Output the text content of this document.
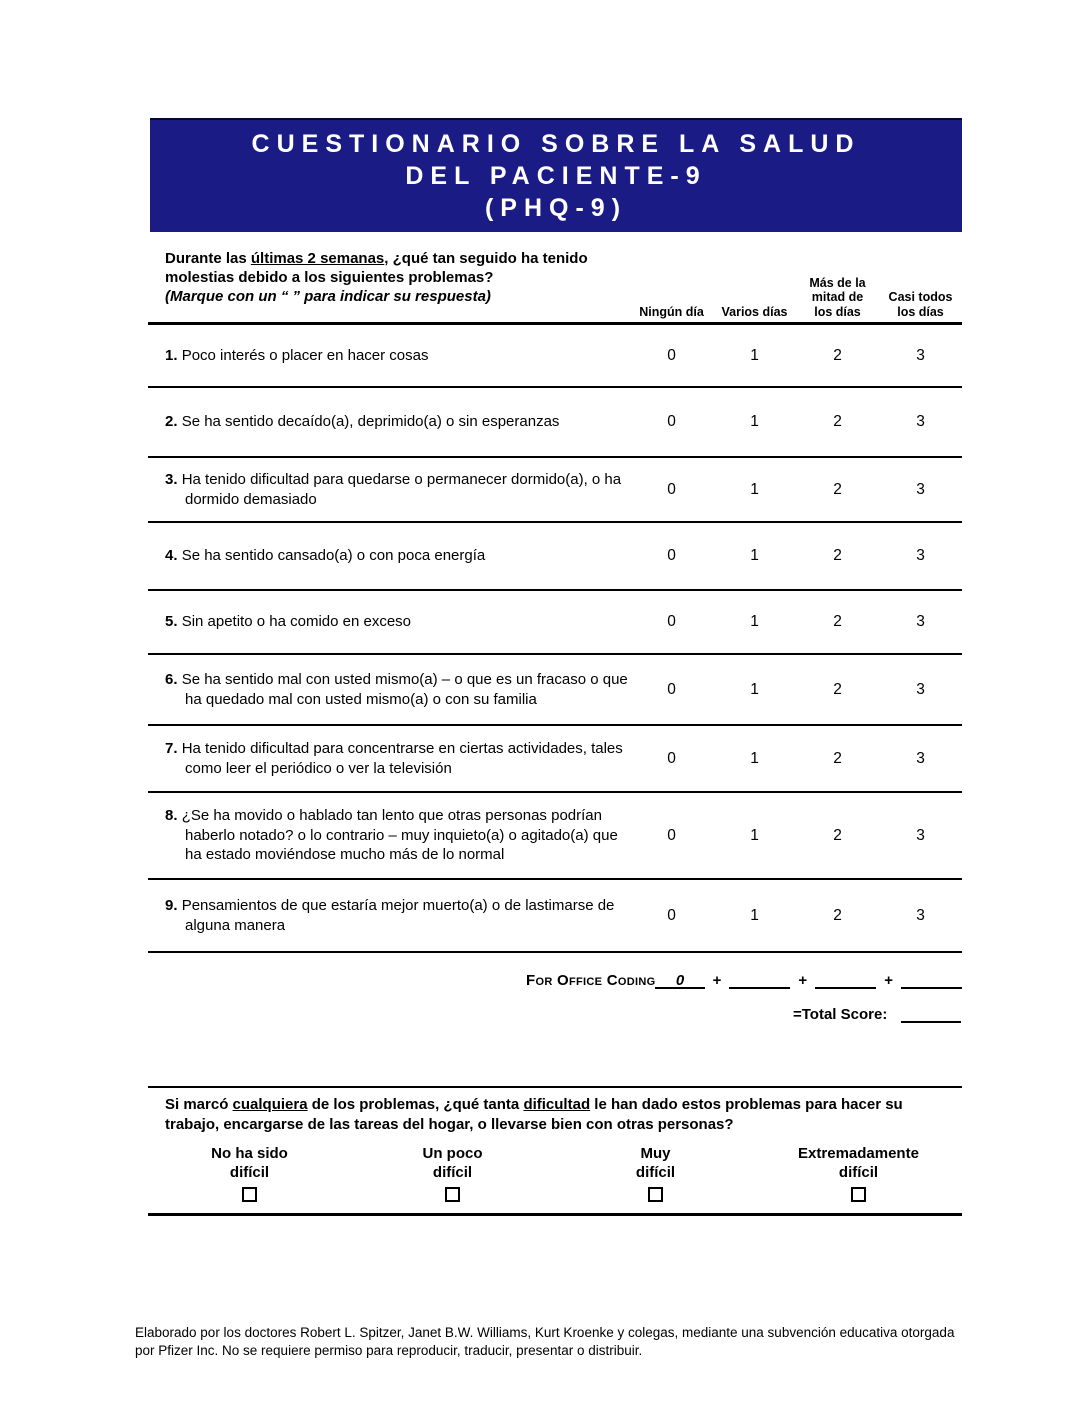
CUESTIONARIO SOBRE LA SALUD
DEL PACIENTE-9
(PHQ-9)
Durante las últimas 2 semanas, ¿qué tan seguido ha tenido molestias debido a los siguientes problemas?
(Marque con un “ ” para indicar su respuesta)
Ningún día	Varios días
Más de la mitad de los días
Casi todos los días
1. Poco interés o placer en hacer cosas	0	1	2	3
2. Se ha sentido decaído(a), deprimido(a) o sin esperanzas	0	1	2	3
3. Ha tenido dificultad para quedarse o permanecer dormido(a), o ha dormido demasiado
0	1	2	3
4. Se ha sentido cansado(a) o con poca energía	0	1	2	3
5. Sin apetito o ha comido en exceso	0	1	2	3
6. Se ha sentido mal con usted mismo(a) – o que es un fracaso o que ha quedado mal con usted mismo(a) o con su familia
0	1	2	3
7. Ha tenido dificultad para concentrarse en ciertas actividades, tales como leer el periódico o ver la televisión
0	1	2	3
8. ¿Se ha movido o hablado tan lento que otras personas podrían haberlo notado? o lo contrario – muy inquieto(a) o agitado(a) que ha estado moviéndose mucho más de lo normal
0	1	2	3
9. Pensamientos de que estaría mejor muerto(a) o de lastimarse de alguna manera
0	1	2	3
For Office Coding	0	+	+	+
=Total Score:
Si marcó cualquiera de los problemas, ¿qué tanta dificultad le han dado estos problemas para hacer su trabajo, encargarse de las tareas del hogar, o llevarse bien con otras personas?
No ha sido difícil
Un poco difícil
Muy difícil
Extremadamente difícil
Elaborado por los doctores Robert L. Spitzer, Janet B.W. Williams, Kurt Kroenke y colegas, mediante una subvención educativa otorgada por Pfizer Inc. No se requiere permiso para reproducir, traducir, presentar o distribuir.
